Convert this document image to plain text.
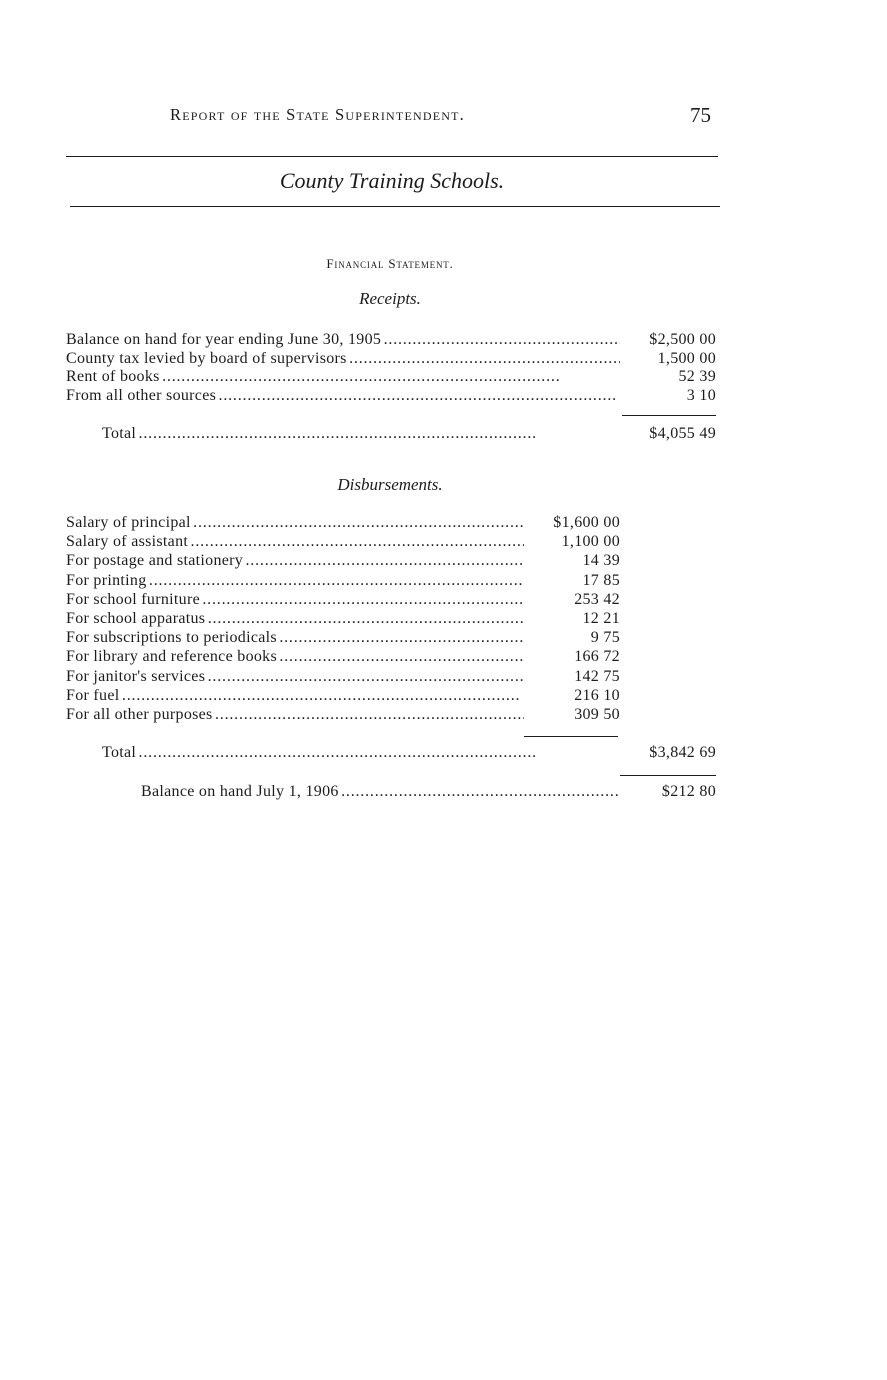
Report of the State Superintendent.	75
County Training Schools.
Financial Statement.
Receipts.
Balance on hand for year ending June 30, 1905 . . .	$2,500 00
County tax levied by board of supervisors . . .	1,500 00
Rent of books . . .	52 39
From all other sources . . .	3 10
Total . . .	$4,055 49
Disbursements.
Salary of principal . . .	$1,600 00
Salary of assistant . . .	1,100 00
For postage and stationery . . .	14 39
For printing . . .	17 85
For school furniture . . .	253 42
For school apparatus . . .	12 21
For subscriptions to periodicals . . .	9 75
For library and reference books . . .	166 72
For janitor's services . . .	142 75
For fuel . . .	216 10
For all other purposes . . .	309 50
Total . . .	$3,842 69
Balance on hand July 1, 1906 . . .	$212 80
